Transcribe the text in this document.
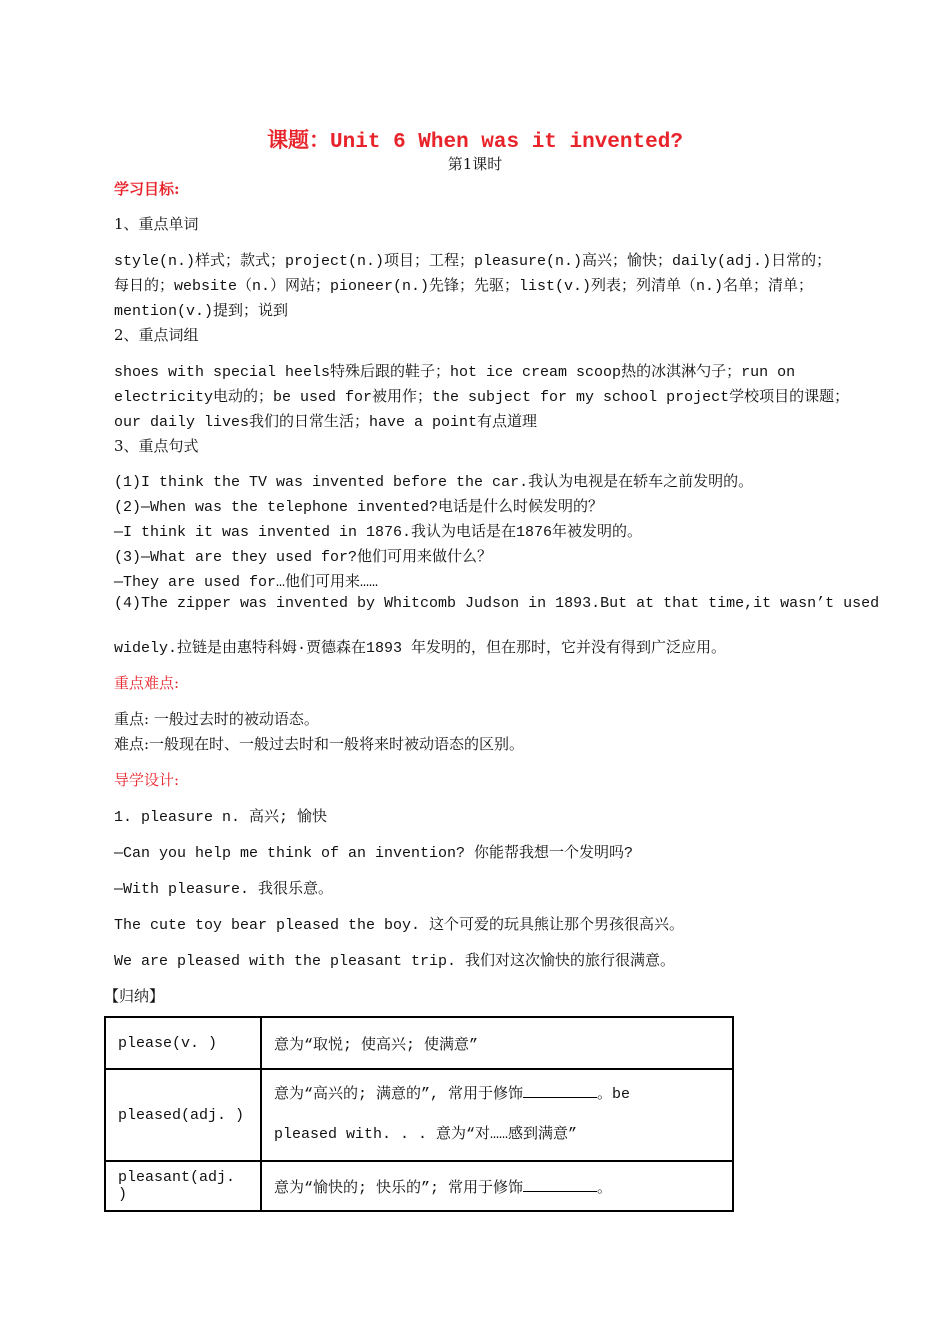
课题：Unit 6 When was it invented?
第1课时
学习目标:
1、重点单词
style(n.)样式；款式；project(n.)项目；工程；pleasure(n.)高兴；愉快；daily(adj.)日常的；
每日的；website（n.）网站；pioneer(n.)先锋；先驱；list(v.)列表；列清单（n.)名单；清单；
mention(v.)提到；说到
2、重点词组
shoes with special heels特殊后跟的鞋子；hot ice cream scoop热的冰淇淋勺子；run on
electricity电动的；be used for被用作；the subject for my school project学校项目的课题；
our daily lives我们的日常生活；have a point有点道理
3、重点句式
(1)I think the TV was invented before the car.我认为电视是在轿车之前发明的。
(2)—When was the telephone invented?电话是什么时候发明的？
—I think it was invented in 1876.我认为电话是在1876年被发明的。
(3)—What are they used for?他们可用来做什么？
—They are used for…他们可用来……
(4)The zipper was invented by Whitcomb Judson in 1893.But at that time,it wasn’t used
widely.拉链是由惠特科姆·贾德森在1893 年发明的，但在那时，它并没有得到广泛应用。
重点难点:
重点: 一般过去时的被动语态。
难点:一般现在时、一般过去时和一般将来时被动语态的区别。
导学设计:
1. pleasure n. 高兴; 愉快
—Can you help me think of an invention? 你能帮我想一个发明吗?
—With pleasure. 我很乐意。
The cute toy bear pleased the boy. 这个可爱的玩具熊让那个男孩很高兴。
We are pleased with the pleasant trip. 我们对这次愉快的旅行很满意。
【归纳】
please(v. )	意为“取悦; 使高兴; 使满意”
pleased(adj. )	意为“高兴的; 满意的”, 常用于修饰 。be
pleased with. . . 意为“对……感到满意”

pleasant(adj. )	意为“愉快的; 快乐的”; 常用于修饰 。
